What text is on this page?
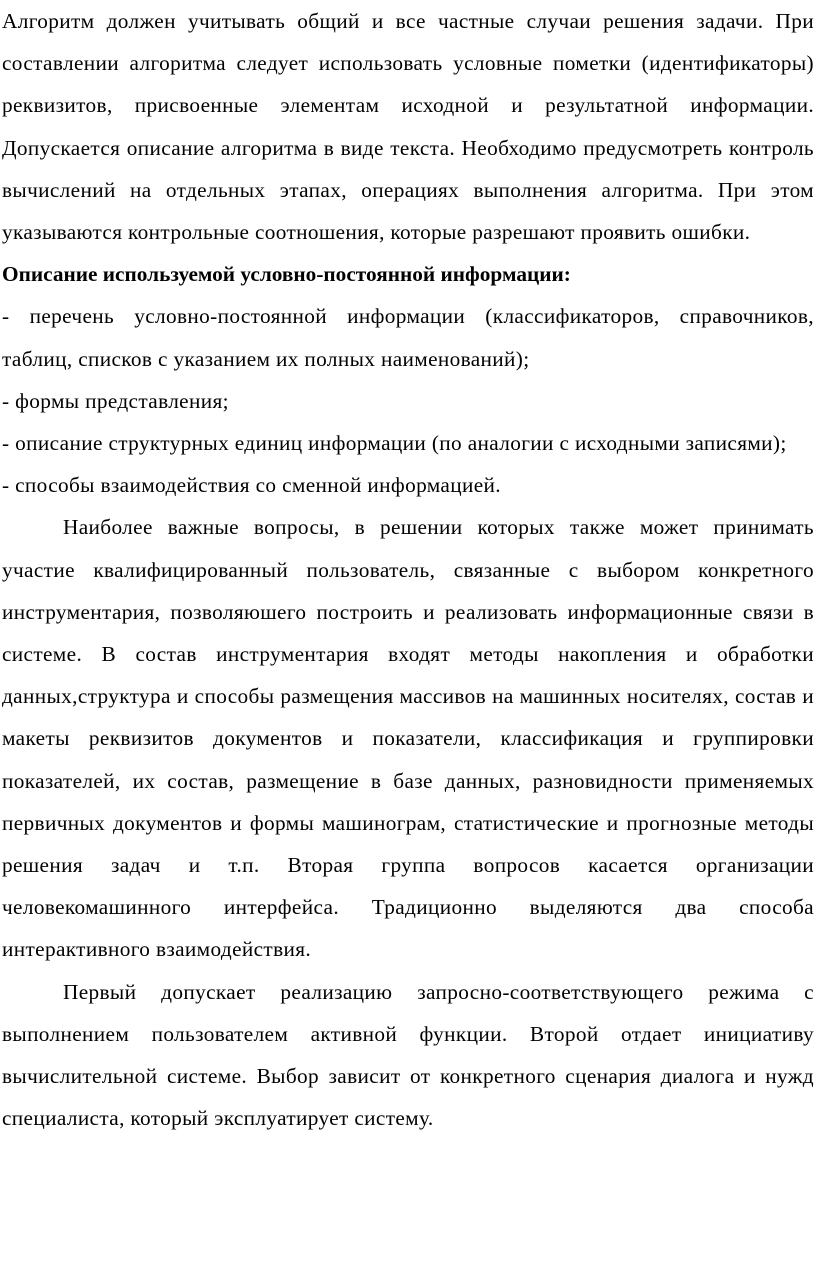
Алгоритм должен учитывать общий и все частные случаи решения задачи. При составлении алгоритма следует использовать условные пометки (идентификаторы) реквизитов, присвоенные элементам исходной и результатной информации. Допускается описание алгоритма в виде текста. Необходимо предусмотреть контроль вычислений на отдельных этапах, операциях выполнения алгоритма. При этом указываются контрольные соотношения, которые разрешают проявить ошибки.

Описание используемой условно-постоянной информации:

- перечень условно-постоянной информации (классификаторов, справочников, таблиц, списков с указанием их полных наименований);

- формы представления;

- описание структурных единиц информации (по аналогии с исходными записями);

- способы взаимодействия со сменной информацией.

Наиболее важные вопросы, в решении которых также может принимать участие квалифицированный пользователь, связанные с выбором конкретного инструментария, позволяюшего построить и реализовать информационные связи в системе. В состав инструментария входят методы накопления и обработки данных,структура и способы размещения массивов на машинных носителях, состав и макеты реквизитов документов и показатели, классификация и группировки показателей, их состав, размещение в базе данных, разновидности применяемых первичных документов и формы машинограм, статистические и прогнозные методы решения задач и т.п. Вторая группа вопросов касается организации человекомашинного интерфейса. Традиционно выделяются два способа интерактивного взаимодействия.

Первый допускает реализацию запросно-соответствующего режима с выполнением пользователем активной функции. Второй отдает инициативу вычислительной системе. Выбор зависит от конкретного сценария диалога и нужд специалиста, который эксплуатирует систему.
